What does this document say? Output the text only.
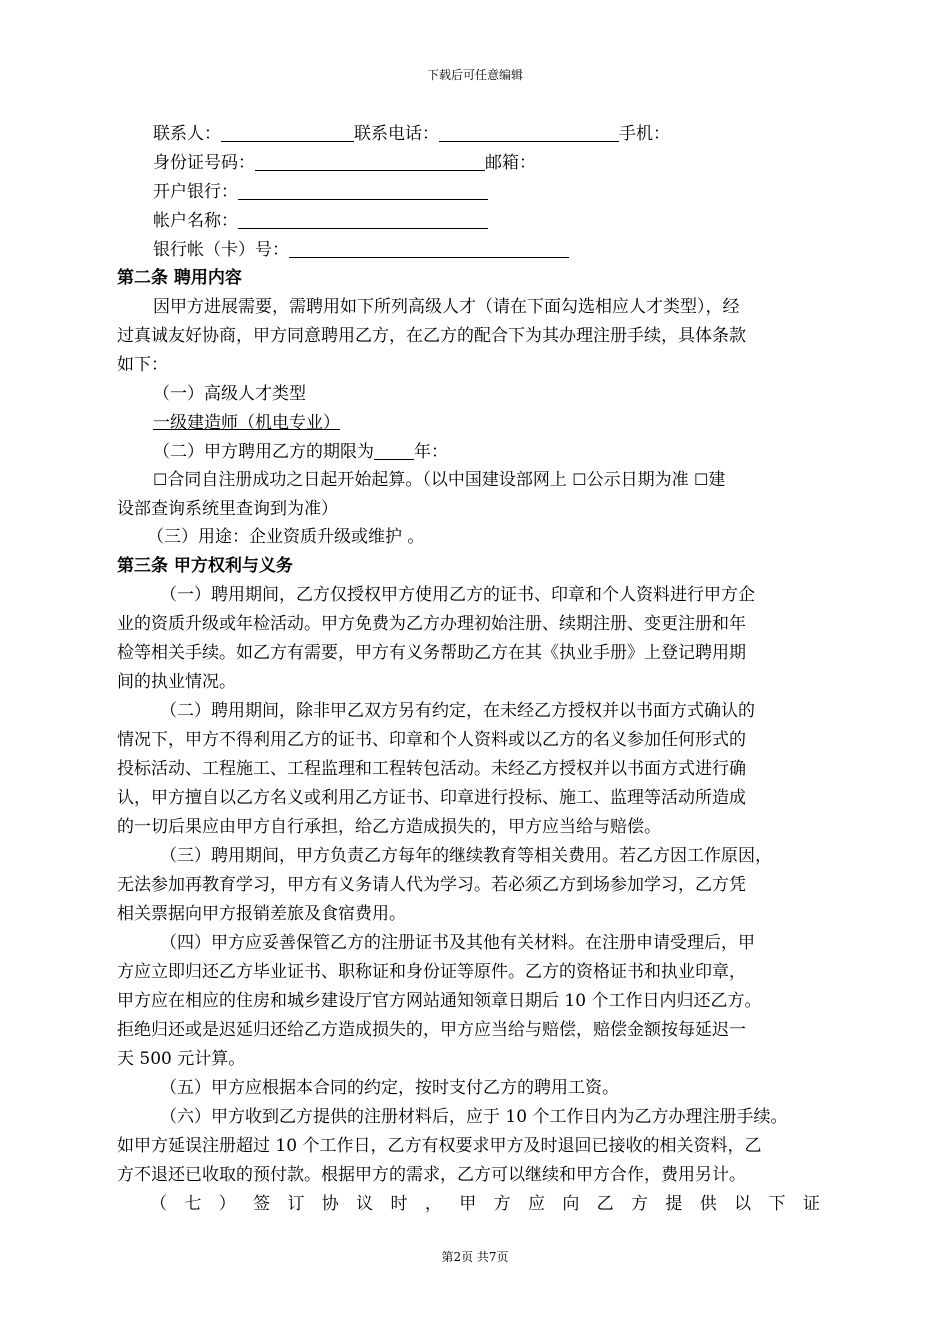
下载后可任意编辑
联系人：	联系电话：	手机：
身份证号码：	邮箱：
开户银行：
帐户名称：
银行帐（卡）号：
第二条 聘用内容
因甲方进展需要，需聘用如下所列高级人才（请在下面勾选相应人才类型），经
过真诚友好协商，甲方同意聘用乙方，在乙方的配合下为其办理注册手续，具体条款
如下：
（一）高级人才类型
一级建造师（机电专业）
（二）甲方聘用乙方的期限为 年：
☐合同自注册成功之日起开始起算。（以中国建设部网上 ☐公示日期为准 ☐建
设部查询系统里查询到为准）
（三）用途：企业资质升级或维护 。
第三条 甲方权利与义务
（一）聘用期间，乙方仅授权甲方使用乙方的证书、印章和个人资料进行甲方企
业的资质升级或年检活动。甲方免费为乙方办理初始注册、续期注册、变更注册和年
检等相关手续。如乙方有需要，甲方有义务帮助乙方在其《执业手册》上登记聘用期
间的执业情况。
（二）聘用期间，除非甲乙双方另有约定，在未经乙方授权并以书面方式确认的
情况下，甲方不得利用乙方的证书、印章和个人资料或以乙方的名义参加任何形式的
投标活动、工程施工、工程监理和工程转包活动。未经乙方授权并以书面方式进行确
认，甲方擅自以乙方名义或利用乙方证书、印章进行投标、施工、监理等活动所造成
的一切后果应由甲方自行承担，给乙方造成损失的，甲方应当给与赔偿。
（三）聘用期间，甲方负责乙方每年的继续教育等相关费用。若乙方因工作原因，
无法参加再教育学习，甲方有义务请人代为学习。若必须乙方到场参加学习，乙方凭
相关票据向甲方报销差旅及食宿费用。
（四）甲方应妥善保管乙方的注册证书及其他有关材料。在注册申请受理后，甲
方应立即归还乙方毕业证书、职称证和身份证等原件。乙方的资格证书和执业印章，
甲方应在相应的住房和城乡建设厅官方网站通知领章日期后 10 个工作日内归还乙方。
拒绝归还或是迟延归还给乙方造成损失的，甲方应当给与赔偿，赔偿金额按每延迟一
天 500 元计算。
（五）甲方应根据本合同的约定，按时支付乙方的聘用工资。
（六）甲方收到乙方提供的注册材料后，应于 10 个工作日内为乙方办理注册手续。
如甲方延误注册超过 10 个工作日，乙方有权要求甲方及时退回已接收的相关资料，乙
方不退还已收取的预付款。根据甲方的需求，乙方可以继续和甲方合作，费用另计。
（ 七 ） 签 订 协 议 时 ， 甲 方 应 向 乙 方 提 供 以 下 证
第2页 共7页
